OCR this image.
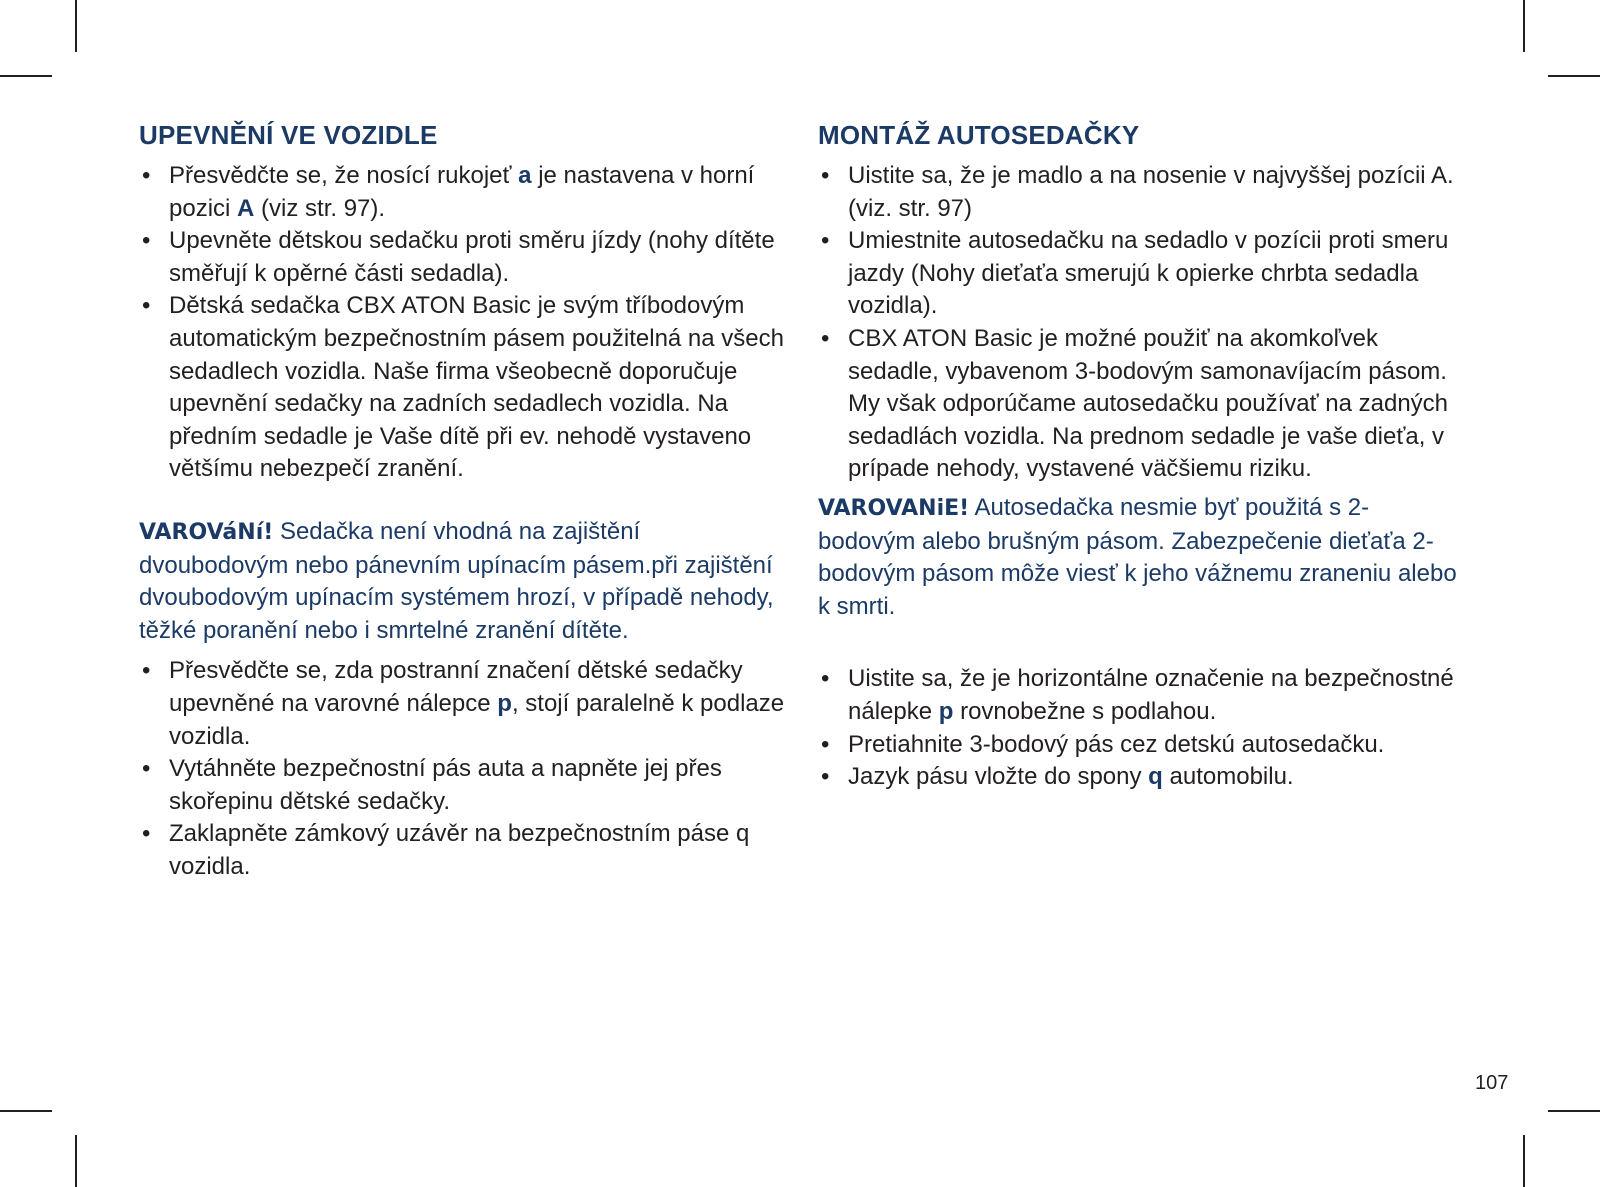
UPEVNĚNÍ VE VOZIDLE
• Přesvědčte se, že nosící rukojeť a je nastavena v horní pozici A (viz str. 97).
• Upevněte dětskou sedačku proti směru jízdy (nohy dítěte směřují k opěrné části sedadla).
• Dětská sedačka CBX ATON Basic je svým tříbodovým automatickým bezpečnostním pásem použitelná na všech sedadlech vozidla. Naše firma všeobecně doporučuje upevnění sedačky na zadních sedadlech vozidla. Na předním sedadle je Vaše dítě při ev. nehodě vystaveno většímu nebezpečí zranění.

VAROVáNí! Sedačka není vhodná na zajištění dvoubodovým nebo pánevním upínacím pásem.při zajištění dvoubodovým upínacím systémem hrozí, v případě nehody, těžké poranění nebo i smrtelné zranění dítěte.

• Přesvědčte se, zda postranní značení dětské sedačky upevněné na varovné nálepce p, stojí paralelně k podlaze vozidla.
• Vytáhněte bezpečnostní pás auta a napněte jej přes skořepinu dětské sedačky.
• Zaklapněte zámkový uzávěr na bezpečnostním páse q vozidla.
MONTÁŽ AUTOSEDAČKY
• Uistite sa, že je madlo a na nosenie v najvyššej pozícii A. (viz. str. 97)
• Umiestnite autosedačku na sedadlo v pozícii proti smeru jazdy (Nohy dieťaťa smerujú k opierke chrbta sedadla vozidla).
• CBX ATON Basic je možné použiť na akomkoľvek sedadle, vybavenom 3-bodovým samonavíjacím pásom. My však odporúčame autosedačku používať na zadných sedadlách vozidla. Na prednom sedadle je vaše dieťa, v prípade nehody, vystavené väčšiemu riziku.

VAROVANiE! Autosedačka nesmie byť použitá s 2-bodovým alebo brušným pásom. Zabezpečenie dieťaťa 2-bodovým pásom môže viesť k jeho vážnemu zraneniu alebo k smrti.

• Uistite sa, že je horizontálne označenie na bezpečnostné nálepke p rovnobežne s podlahou.
• Pretiahnite 3-bodový pás cez detskú autosedačku.
• Jazyk pásu vložte do spony q automobilu.
107
